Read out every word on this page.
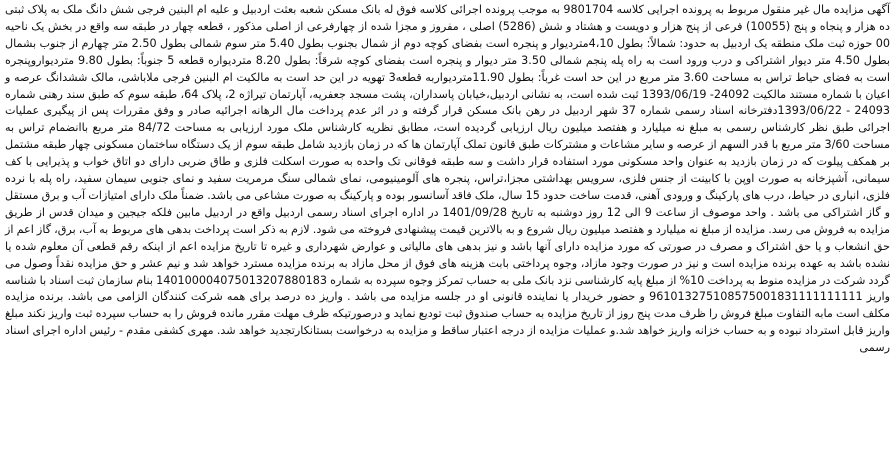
آگهی مزایده مال غیر منقول مربوط به پرونده اجرایی کلاسه 9801704 به موجب پرونده اجرائی کلاسه فوق له بانک مسکن شعبه بعثت اردبیل و علیه ام البنین فرجی شش دانگ ملک به پلاک ثبتی ده هزار و پنجاه و پنج (10055) فرعی از پنج هزار و دویست و هشتاد و شش (5286) اصلی ، مفروز و مجزا شده از چهارفرعی از اصلی مذکور ، قطعه چهار در طبقه سه واقع در بخش یک ناحیه 00 حوزه ثبت ملک منطقه یک اردبیل به حدود: شمالاً: بطول 4،10متردیوار و پنجره است بفضای کوچه دوم از شمال بجنوب بطول 5.40 متر سوم شمالی بطول 2.50 متر چهارم از جنوب بشمال بطول 4.50 متر دیوار اشتراکی و درب ورود است به راه پله پنجم شمالی 3.50 متر دیوار و پنجره است بفضای کوچه شرقاً: بطول 8.20 متردیواره قطعه 5 جنوباً: بطول 9.80 متردیواروپنجره است به فضای حیاط تراس به مساحت 3.60 متر مربع در این حد است غرباً: بطول 11.90متردیواربه قطعه3 تهویه در این حد است به مالکیت ام البنین فرجی ملاباشی، مالک ششدانگ عرصه و اعیان با شماره مستند مالکیت 24092- 1393/06/19 ثبت شده است، به نشانی اردبیل،خیابان پاسداران، پشت مسجد جعفریه، آپارتمان تیراژه 2، پلاک 64، طبقه سوم که طبق سند رهنی شماره 24093 - 1393/06/22دفترخانه اسناد رسمی شماره 37 شهر اردبیل در رهن بانک مسکن قرار گرفته و در اثر عدم پرداخت مال الرهانه اجرائیه صادر و وفق مقررات پس از پیگیری عملیات اجرائی طبق نظر کارشناس رسمی به مبلغ نه میلیارد و هفتصد میلیون ریال ارزیابی گردیده است، مطابق نظریه کارشناس ملک مورد ارزیابی به مساحت 84/72 متر مربع باانضمام تراس به مساحت 3/60 متر مربع با قدر السهم از عرصه و سایر مشاعات و مشترکات طبق قانون تملک آپارتمان ها که در زمان بازدید شامل طبقه سوم از یک دستگاه ساختمان مسکونی چهار طبقه مشتمل بر همکف پیلوت که در زمان بازدید به عنوان واحد مسکونی مورد استفاده قرار داشت و سه طبقه فوقانی تک واحده به صورت اسکلت فلزی و طاق ضربی دارای دو اتاق خواب و پذیرایی با کف سیمانی، آشپزخانه به صورت اوپن با کابینت از جنس فلزی، سرویس بهداشتی مجزا،تراس، پنجره های آلومینیومی، نمای شمالی سنگ مرمریت سفید و نمای جنوبی سیمان سفید، راه پله با نرده فلزی، انباری در حیاط، درب های پارکینگ و ورودی آهنی، قدمت ساخت حدود 15 سال، ملک فاقد آسانسور بوده و پارکینگ به صورت مشاعی می باشد. ضمناً ملک دارای امتیازات آب و برق مستقل و گاز اشتراکی می باشد . واحد موصوف از ساعت 9 الی 12 روز دوشنبه به تاریخ 1401/09/28 در اداره اجرای اسناد رسمی اردبیل واقع در اردبیل مابین فلکه جیجین و میدان قدس از طریق مزایده به فروش می رسد. مزایده از مبلغ نه میلیارد و هفتصد میلیون ریال شروع و به بالاترین قیمت پیشنهادی فروخته می شود. لازم به ذکر است پرداخت بدهی های مربوط به آب، برق، گاز اعم از حق انشعاب و یا حق اشتراک و مصرف در صورتی که مورد مزایده دارای آنها باشد و نیز بدهی های مالیاتی و عوارض شهرداری و غیره تا تاریخ مزایده اعم از اینکه رقم قطعی آن معلوم شده یا نشده باشد به عهده برنده مزایده است و نیز در صورت وجود مازاد، وجوه پرداختی بابت هزینه های فوق از محل مازاد به برنده مزایده مسترد خواهد شد و نیم عشر و حق مزایده نقداً وصول می گردد شرکت در مزایده منوط به پرداخت 10% از مبلغ پایه کارشناسی نزد بانک ملی به حساب تمرکز وجوه سپرده به شماره 140100004075013207880183 بنام سازمان ثبت اسناد با شناسه واریز 961013275108575001831111111111 و حضور خریدار یا نماینده قانونی او در جلسه مزایده می باشد . واریز ده درصد برای همه شرکت کنندگان الزامی می باشد. برنده مزایده مکلف است مابه التفاوت مبلغ فروش را ظرف مدت پنج روز از تاریخ مزایده به حساب صندوق ثبت تودیع نماید و درصورتیکه ظرف مهلت مقرر مانده فروش را به حساب سپرده ثبت واریز نکند مبلغ واریز قابل استرداد نبوده و به حساب خزانه واریز خواهد شد.و عملیات مزایده از درجه اعتبار ساقط و مزایده به درخواست بستانکارتجدید خواهد شد. مهری کشفی مقدم - رئیس اداره اجرای اسناد رسمی
